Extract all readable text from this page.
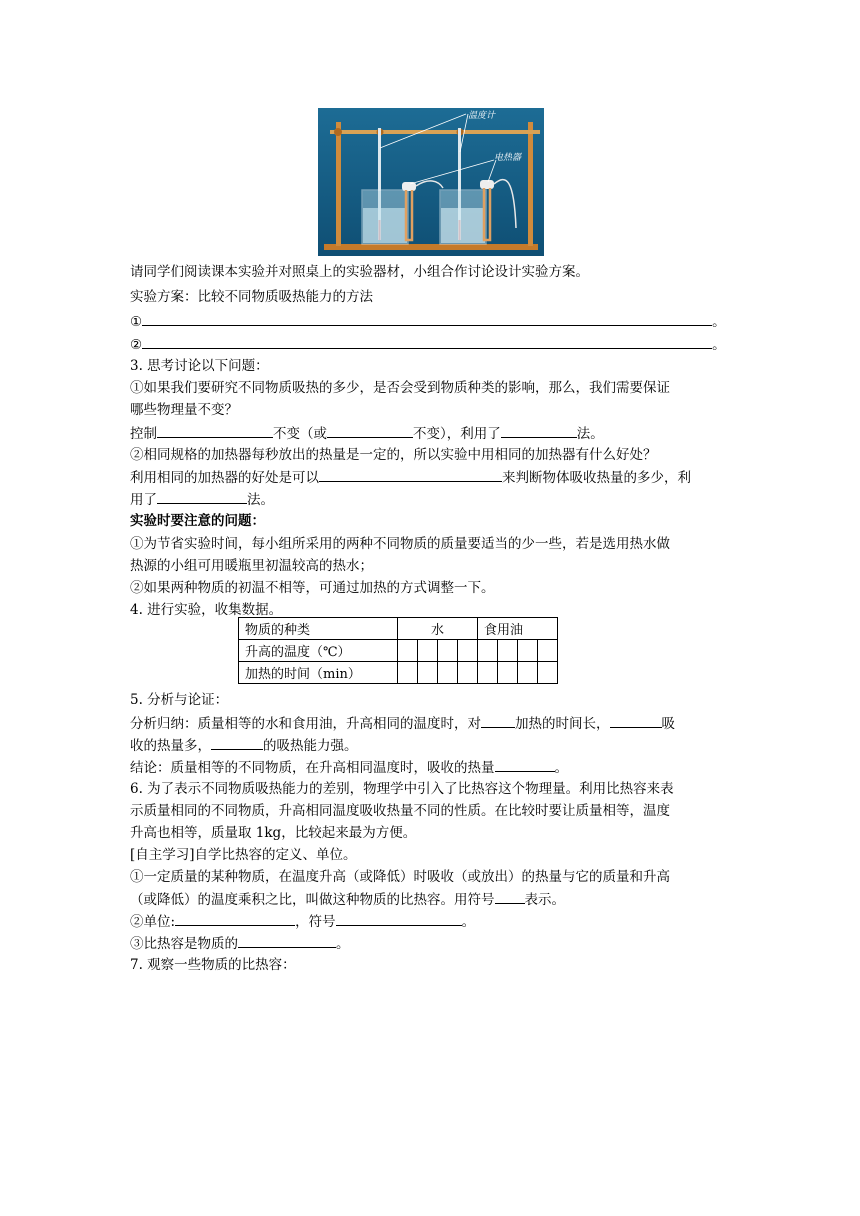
温度计
电热器
请同学们阅读课本实验并对照桌上的实验器材，小组合作讨论设计实验方案。
实验方案：比较不同物质吸热能力的方法
①	。
②	。
3. 思考讨论以下问题：
①如果我们要研究不同物质吸热的多少，是否会受到物质种类的影响，那么，我们需要保证
哪些物理量不变？
控制	不变（或	不变），利用了	法。
②相同规格的加热器每秒放出的热量是一定的，所以实验中用相同的加热器有什么好处？
利用相同的加热器的好处是可以	来判断物体吸收热量的多少，利
用了	法。
实验时要注意的问题：
①为节省实验时间，每小组所采用的两种不同物质的质量要适当的少一些，若是选用热水做
热源的小组可用暖瓶里初温较高的热水；
②如果两种物质的初温不相等，可通过加热的方式调整一下。
4. 进行实验，收集数据。
物质的种类	水				食用油			
升高的温度（℃）								
加热的时间（min）								
5. 分析与论证：
分析归纳：质量相等的水和食用油，升高相同的温度时，对	加热的时间长，	吸
收的热量多，	的吸热能力强。
结论：质量相等的不同物质，在升高相同温度时，吸收的热量	。
6. 为了表示不同物质吸热能力的差别，物理学中引入了比热容这个物理量。利用比热容来表
示质量相同的不同物质，升高相同温度吸收热量不同的性质。在比较时要让质量相等，温度
升高也相等，质量取 1kg，比较起来最为方便。
[自主学习]自学比热容的定义、单位。
①一定质量的某种物质，在温度升高（或降低）时吸收（或放出）的热量与它的质量和升高
（或降低）的温度乘积之比，叫做这种物质的比热容。用符号 表示。
②单位:	，符号	。
③比热容是物质的	。
7. 观察一些物质的比热容：
